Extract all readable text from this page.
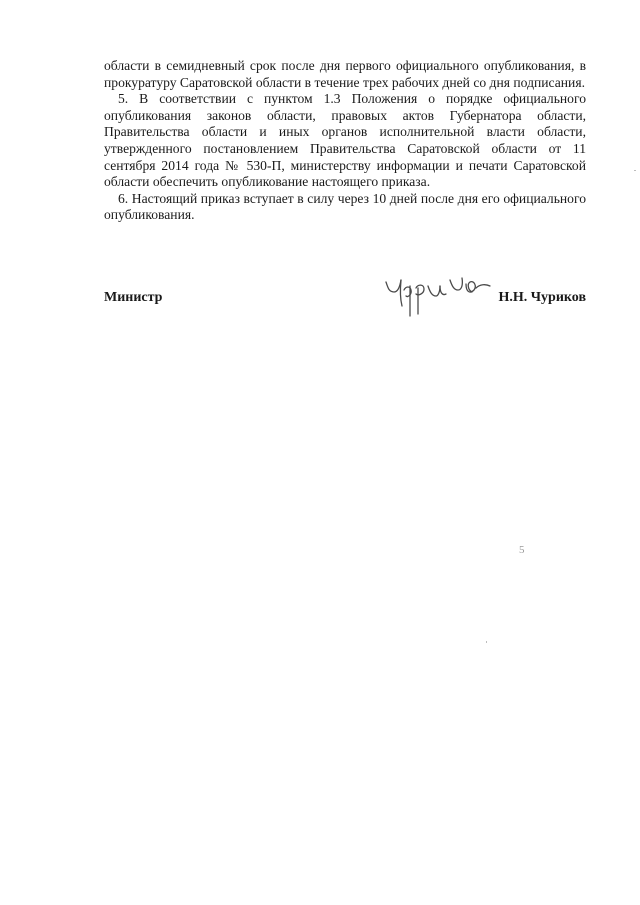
области в семидневный срок после дня первого официального опубликования, в прокуратуру Саратовской области в течение трех рабочих дней со дня подписания.

5. В соответствии с пунктом 1.3 Положения о порядке официального опубликования законов области, правовых актов Губернатора области, Правительства области и иных органов исполнительной власти области, утвержденного постановлением Правительства Саратовской области от 11 сентября 2014 года № 530-П, министерству информации и печати Саратовской области обеспечить опубликование настоящего приказа.

6. Настоящий приказ вступает в силу через 10 дней после дня его официального опубликования.

Министр	Н.Н. Чуриков
5
